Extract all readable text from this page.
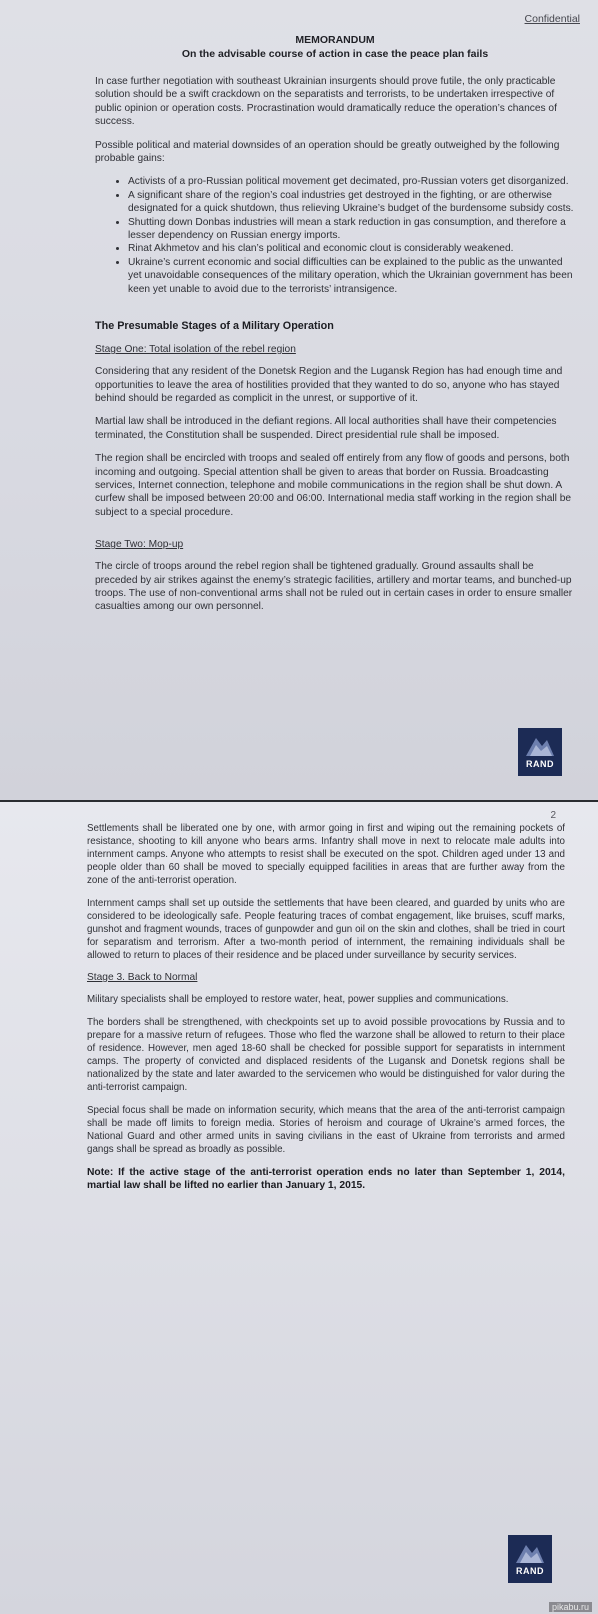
Confidential
MEMORANDUM
On the advisable course of action in case the peace plan fails

In case further negotiation with southeast Ukrainian insurgents should prove futile, the only practicable solution should be a swift crackdown on the separatists and terrorists, to be undertaken irrespective of public opinion or operation costs. Procrastination would dramatically reduce the operation’s chances of success.

Possible political and material downsides of an operation should be greatly outweighed by the following probable gains:

• Activists of a pro-Russian political movement get decimated, pro-Russian voters get disorganized.
• A significant share of the region’s coal industries get destroyed in the fighting, or are otherwise designated for a quick shutdown, thus relieving Ukraine’s budget of the burdensome subsidy costs.
• Shutting down Donbas industries will mean a stark reduction in gas consumption, and therefore a lesser dependency on Russian energy imports.
• Rinat Akhmetov and his clan’s political and economic clout is considerably weakened.
• Ukraine’s current economic and social difficulties can be explained to the public as the unwanted yet unavoidable consequences of the military operation, which the Ukrainian government has been keen yet unable to avoid due to the terrorists’ intransigence.
The Presumable Stages of a Military Operation
Stage One: Total isolation of the rebel region

Considering that any resident of the Donetsk Region and the Lugansk Region has had enough time and opportunities to leave the area of hostilities provided that they wanted to do so, anyone who has stayed behind should be regarded as complicit in the unrest, or supportive of it.

Martial law shall be introduced in the defiant regions. All local authorities shall have their competencies terminated, the Constitution shall be suspended. Direct presidential rule shall be imposed.

The region shall be encircled with troops and sealed off entirely from any flow of goods and persons, both incoming and outgoing. Special attention shall be given to areas that border on Russia. Broadcasting services, Internet connection, telephone and mobile communications in the region shall be shut down. A curfew shall be imposed between 20:00 and 06:00. International media staff working in the region shall be subject to a special procedure.

Stage Two: Mop-up

The circle of troops around the rebel region shall be tightened gradually. Ground assaults shall be preceded by air strikes against the enemy’s strategic facilities, artillery and mortar teams, and bunched-up troops. The use of non-conventional arms shall not be ruled out in certain cases in order to ensure smaller casualties among our own personnel.

RAND
2

Settlements shall be liberated one by one, with armor going in first and wiping out the remaining pockets of resistance, shooting to kill anyone who bears arms. Infantry shall move in next to relocate male adults into internment camps. Anyone who attempts to resist shall be executed on the spot. Children aged under 13 and people older than 60 shall be moved to specially equipped facilities in areas that are further away from the zone of the anti-terrorist operation.

Internment camps shall set up outside the settlements that have been cleared, and guarded by units who are considered to be ideologically safe. People featuring traces of combat engagement, like bruises, scuff marks, gunshot and fragment wounds, traces of gunpowder and gun oil on the skin and clothes, shall be tried in court for separatism and terrorism. After a two-month period of internment, the remaining individuals shall be allowed to return to places of their residence and be placed under surveillance by security services.

Stage 3. Back to Normal

Military specialists shall be employed to restore water, heat, power supplies and communications.

The borders shall be strengthened, with checkpoints set up to avoid possible provocations by Russia and to prepare for a massive return of refugees. Those who fled the warzone shall be allowed to return to their place of residence. However, men aged 18-60 shall be checked for possible support for separatists in internment camps. The property of convicted and displaced residents of the Lugansk and Donetsk regions shall be nationalized by the state and later awarded to the servicemen who would be distinguished for valor during the anti-terrorist campaign.

Special focus shall be made on information security, which means that the area of the anti-terrorist campaign shall be made off limits to foreign media. Stories of heroism and courage of Ukraine’s armed forces, the National Guard and other armed units in saving civilians in the east of Ukraine from terrorists and armed gangs shall be spread as broadly as possible.

Note: If the active stage of the anti-terrorist operation ends no later than September 1, 2014, martial law shall be lifted no earlier than January 1, 2015.
RAND
pikabu.ru
